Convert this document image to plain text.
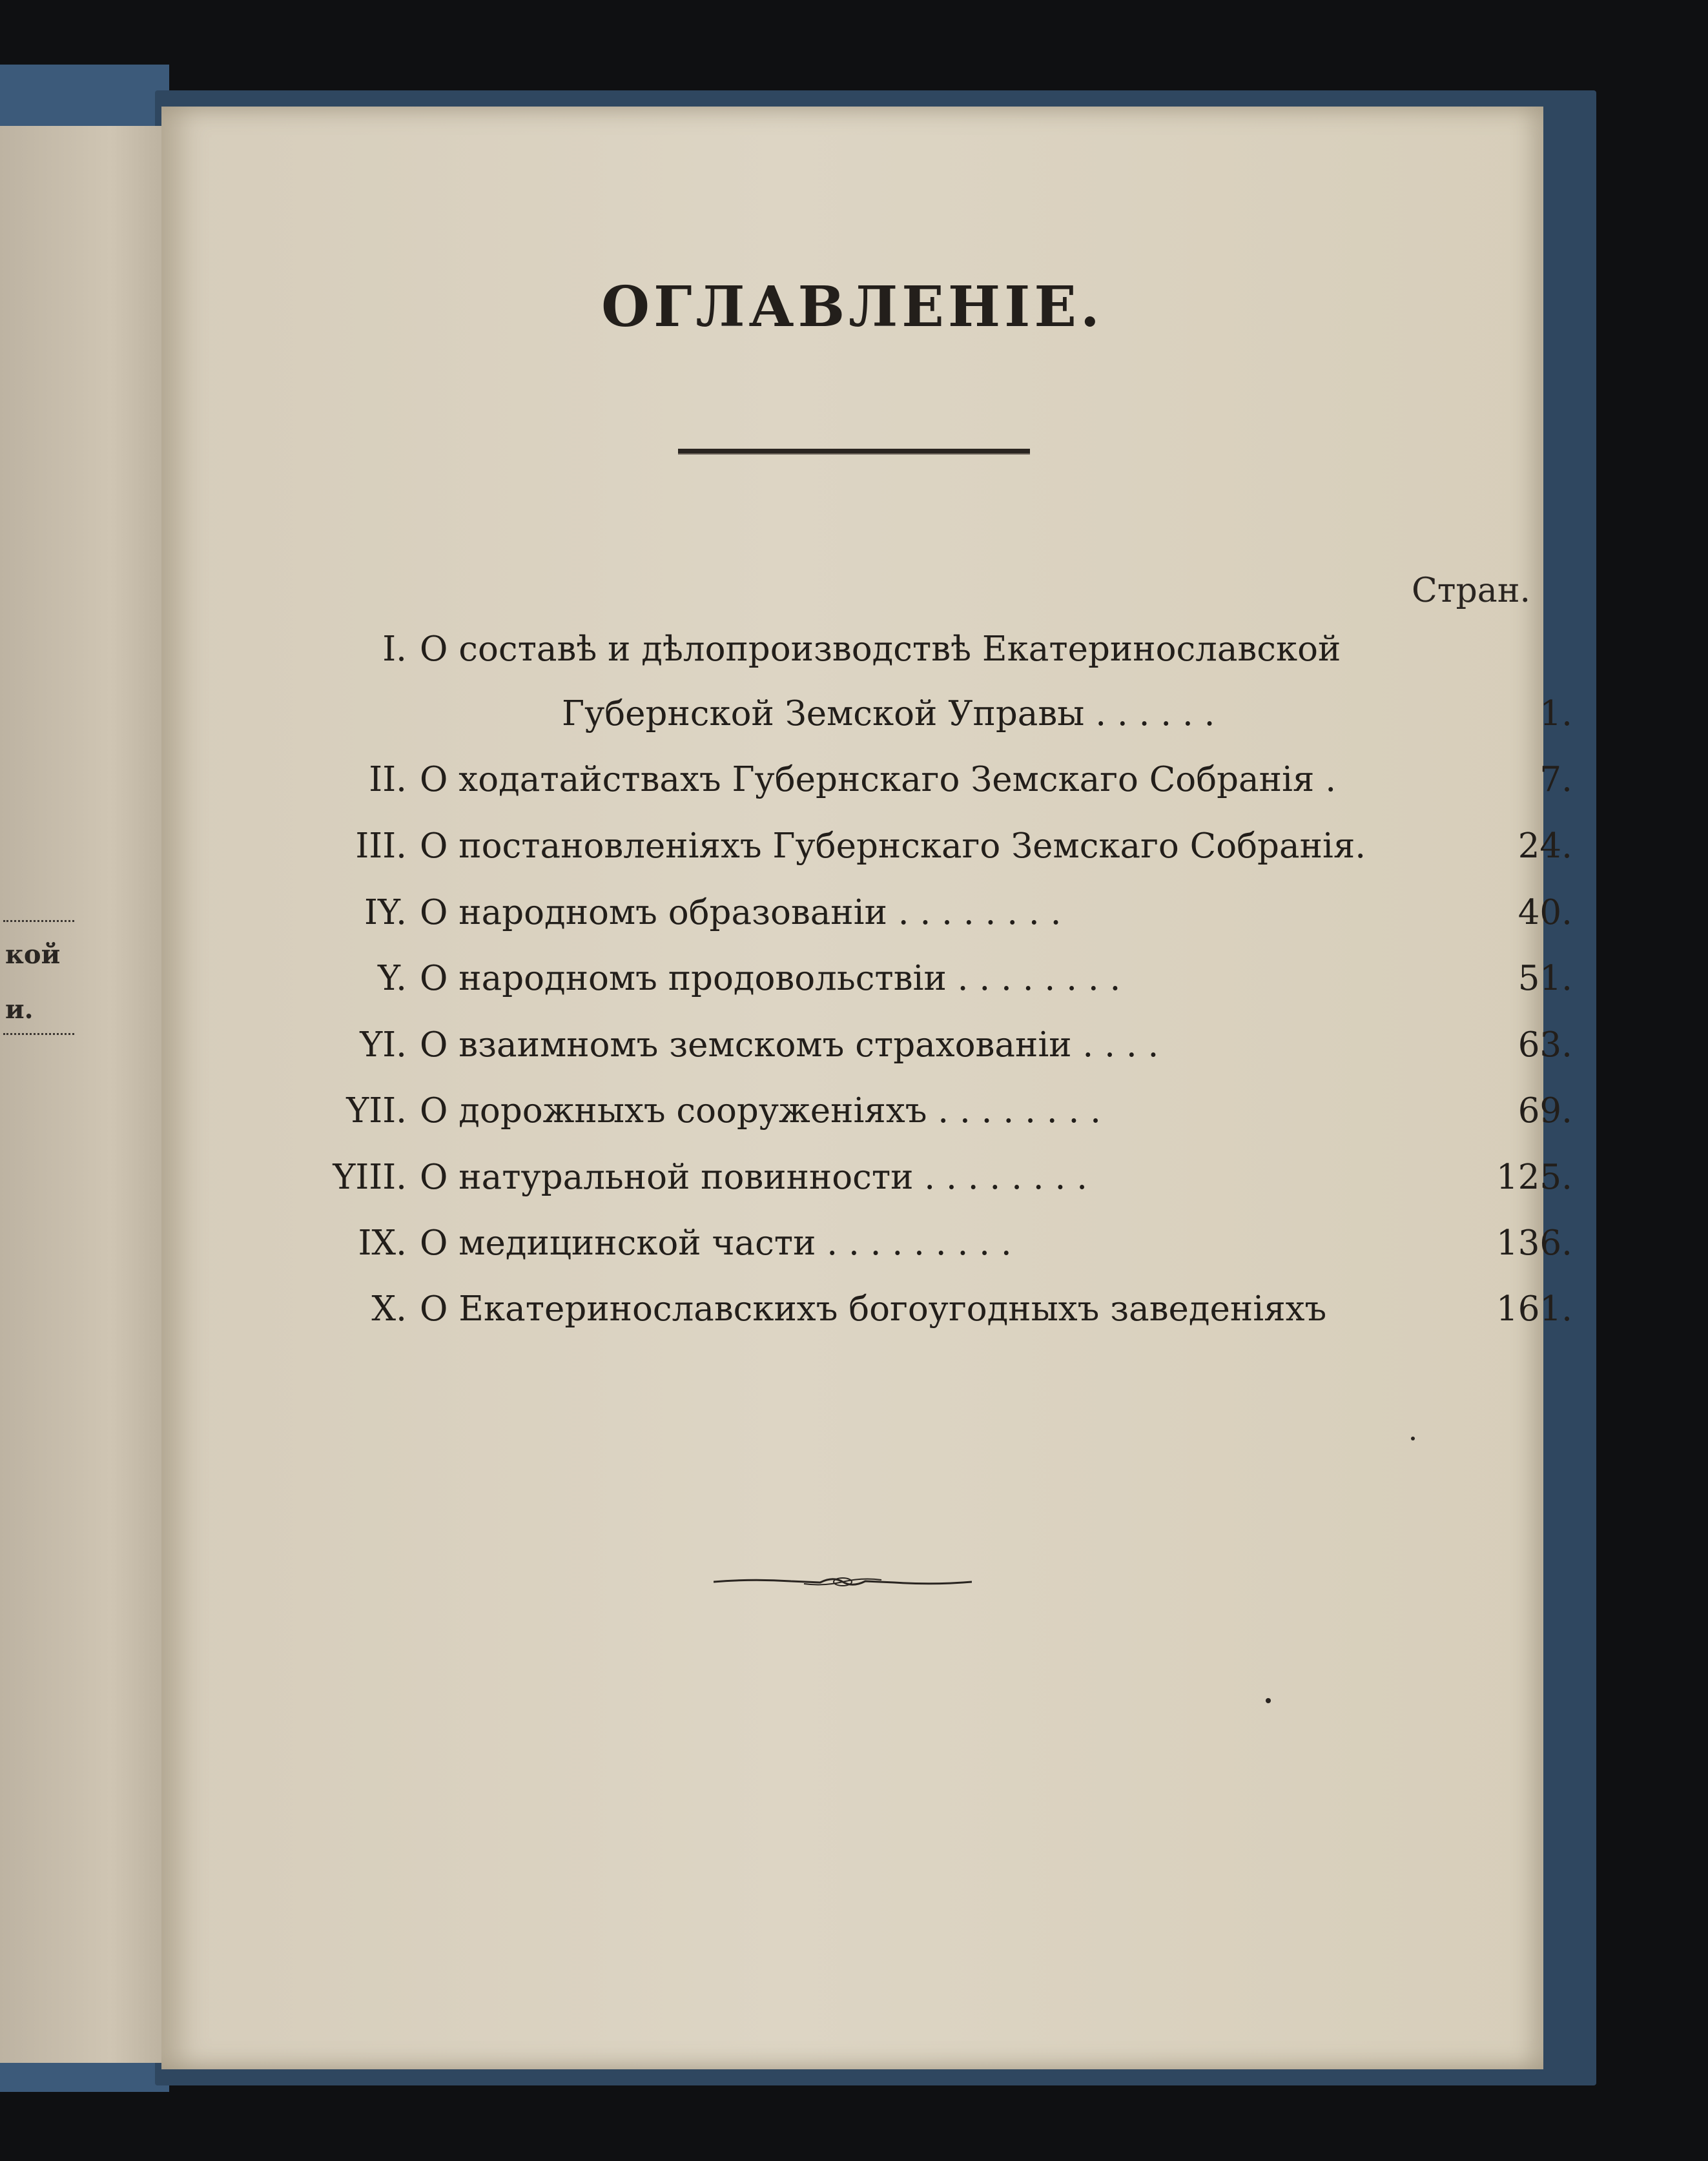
кой
и.
ОГЛАВЛЕНІЕ.
Стран.
I. О составѣ и дѣлопроизводствѣ Екатеринославской
Губернской Земской Управы . . . . . .	1.
II. О ходатайствахъ Губернскаго Земскаго Собранія .	7.
III. О постановленіяхъ Губернскаго Земскаго Собранія.	24.
IY. О народномъ образованіи . . . . . . . .	40.
Y. О народномъ продовольствіи . . . . . . . .	51.
YI. О взаимномъ земскомъ страхованіи . . . .	63.
YII. О дорожныхъ сооруженіяхъ . . . . . . . .	69.
YIII. О натуральной повинности . . . . . . . .	125.
IX. О медицинской части . . . . . . . . .	136.
X. О Екатеринославскихъ богоугодныхъ заведеніяхъ	161.
